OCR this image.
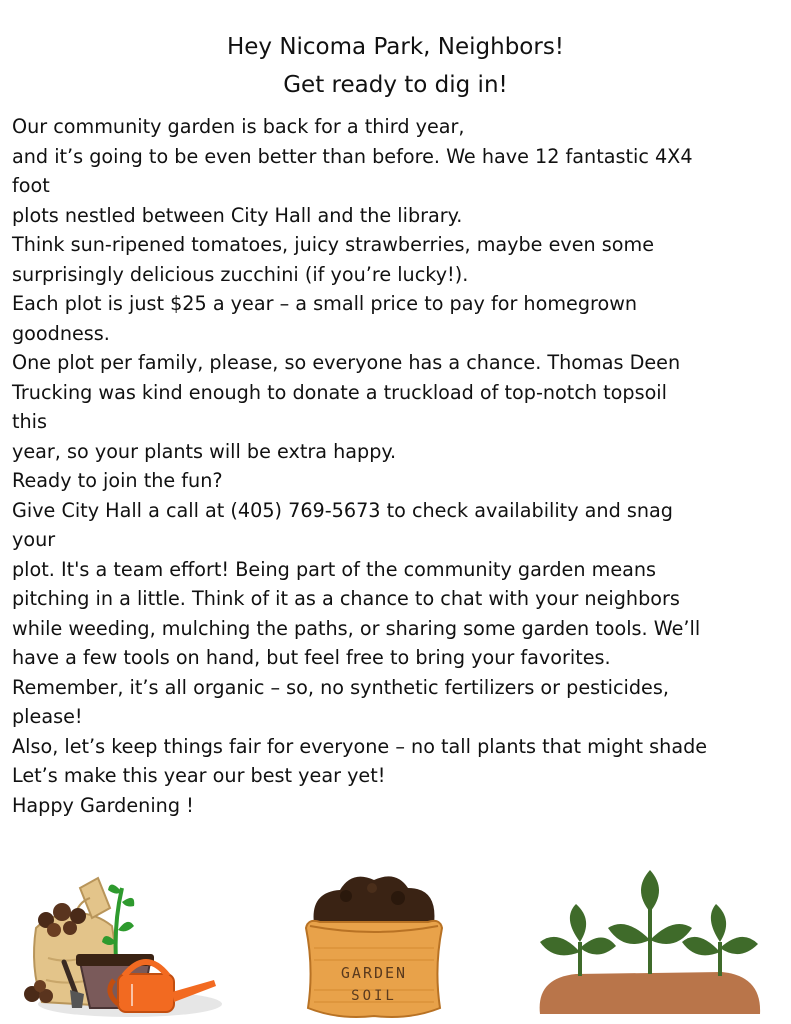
Hey Nicoma Park, Neighbors!
Get ready to dig in!
Our community garden is back for a third year,
and it’s going to be even better than before. We have 12 fantastic 4X4
foot
plots nestled between City Hall and the library.
Think sun-ripened tomatoes, juicy strawberries, maybe even some
surprisingly delicious zucchini (if you’re lucky!).
Each plot is just $25 a year – a small price to pay for homegrown
goodness.
One plot per family, please, so everyone has a chance. Thomas Deen
Trucking was kind enough to donate a truckload of top-notch topsoil
this
year, so your plants will be extra happy.
Ready to join the fun?
Give City Hall a call at (405) 769-5673 to check availability and snag
your
plot. It's a team effort! Being part of the community garden means
pitching in a little. Think of it as a chance to chat with your neighbors
while weeding, mulching the paths, or sharing some garden tools. We’ll
have a few tools on hand, but feel free to bring your favorites.
Remember, it’s all organic – so, no synthetic fertilizers or pesticides,
please!
Also, let’s keep things fair for everyone – no tall plants that might shade
Let’s make this year our best year yet!
Happy Gardening !
GARDEN
SOIL
